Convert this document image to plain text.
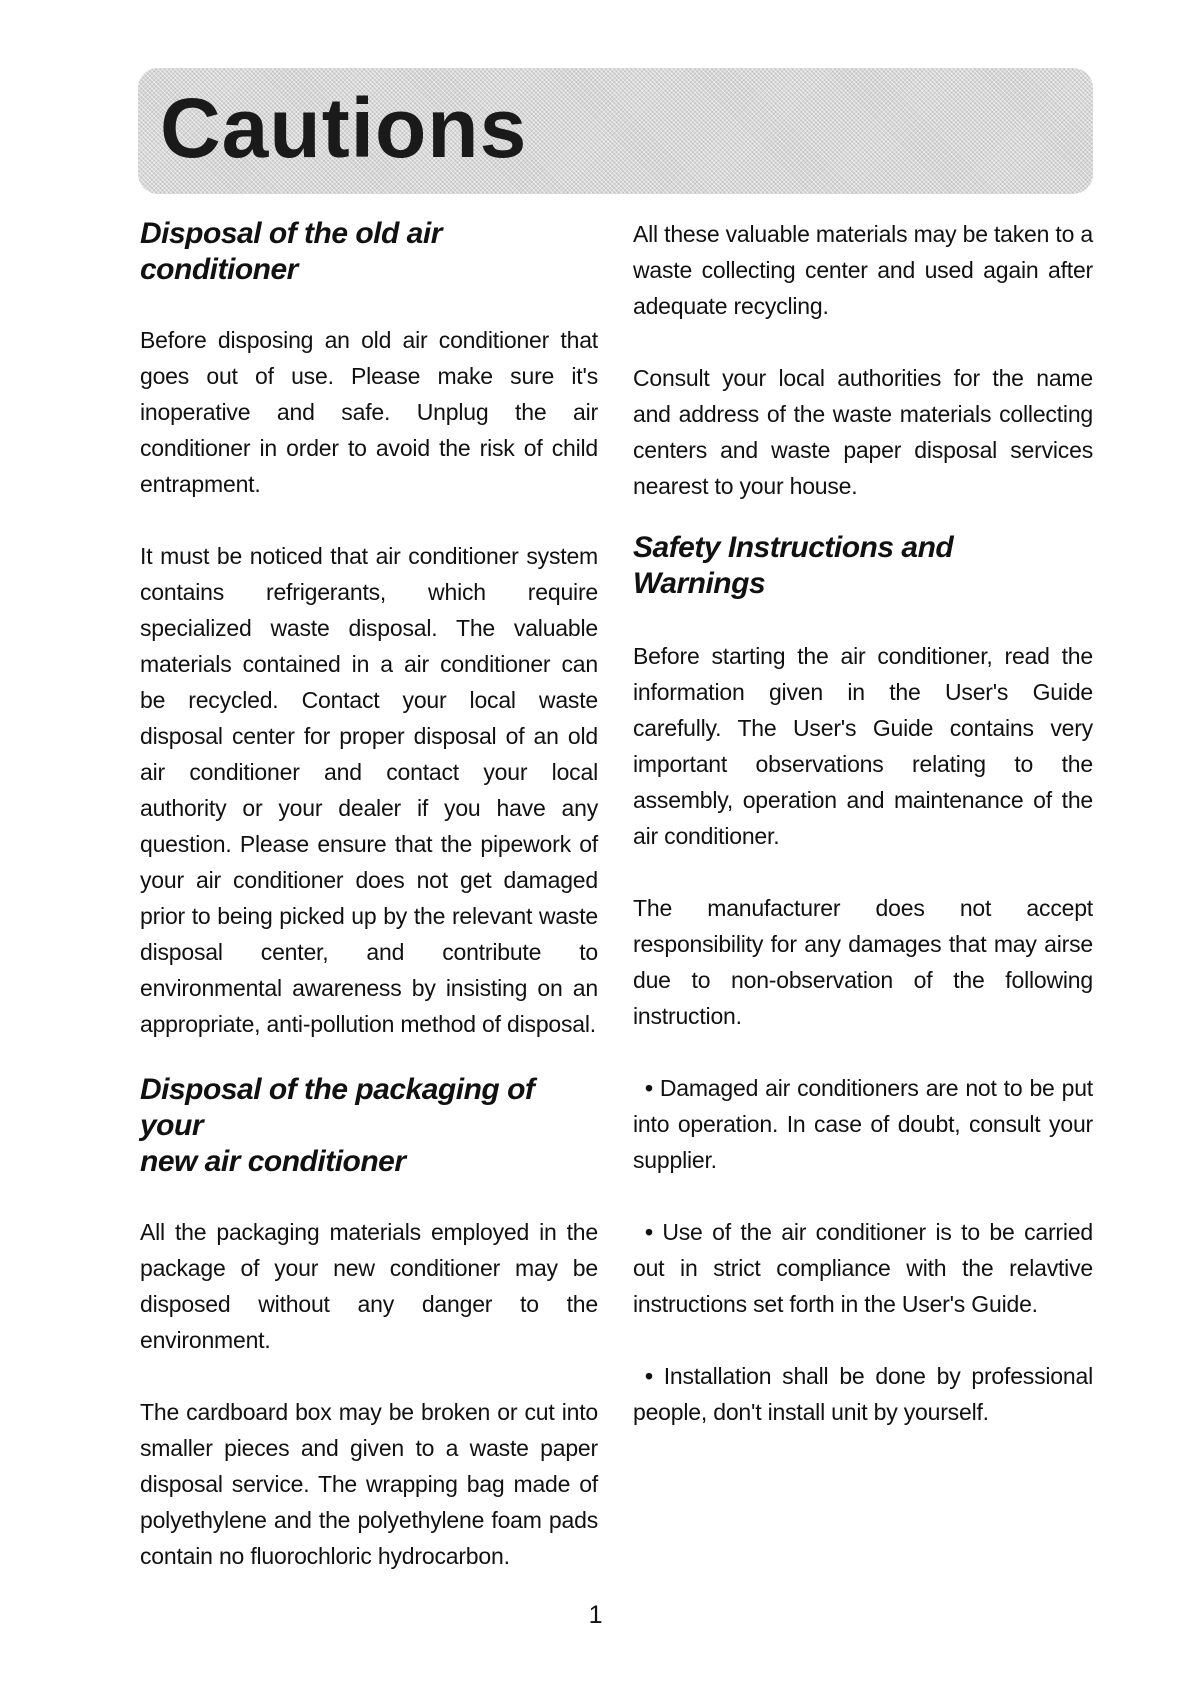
Cautions
Disposal of the old air conditioner

Before disposing an old air conditioner that goes out of use. Please make sure it's inoperative and safe. Unplug the air conditioner in order to avoid the risk of child entrapment.

It must be noticed that air conditioner system contains refrigerants, which require specialized waste disposal. The valuable materials contained in a air conditioner can be recycled. Contact your local waste disposal center for proper disposal of an old air conditioner and contact your local authority or your dealer if you have any question. Please ensure that the pipework of your air conditioner does not get damaged prior to being picked up by the relevant waste disposal center, and contribute to environmental awareness by insisting on an appropriate, anti-pollution method of disposal.

Disposal of the packaging of your
new air conditioner

All the packaging materials employed in the package of your new conditioner may be disposed without any danger to the environment.

The cardboard box may be broken or cut into smaller pieces and given to a waste paper disposal service. The wrapping bag made of polyethylene and the polyethylene foam pads contain no fluorochloric hydrocarbon.

All these valuable materials may be taken to a waste collecting center and used again after adequate recycling.

Consult your local authorities for the name and address of the waste materials collecting centers and waste paper disposal services nearest to your house.

Safety Instructions and Warnings

Before starting the air conditioner, read the information given in the User's Guide carefully. The User's Guide contains very important observations relating to the assembly, operation and maintenance of the air conditioner.

The manufacturer does not accept responsibility for any damages that may airse due to non-observation of the following instruction.

• Damaged air conditioners are not to be put into operation. In case of doubt, consult your supplier.

• Use of the air conditioner is to be carried out in strict compliance with the relavtive instructions set forth in the User's Guide.

• Installation shall be done by professional people, don't install unit by yourself.

1
